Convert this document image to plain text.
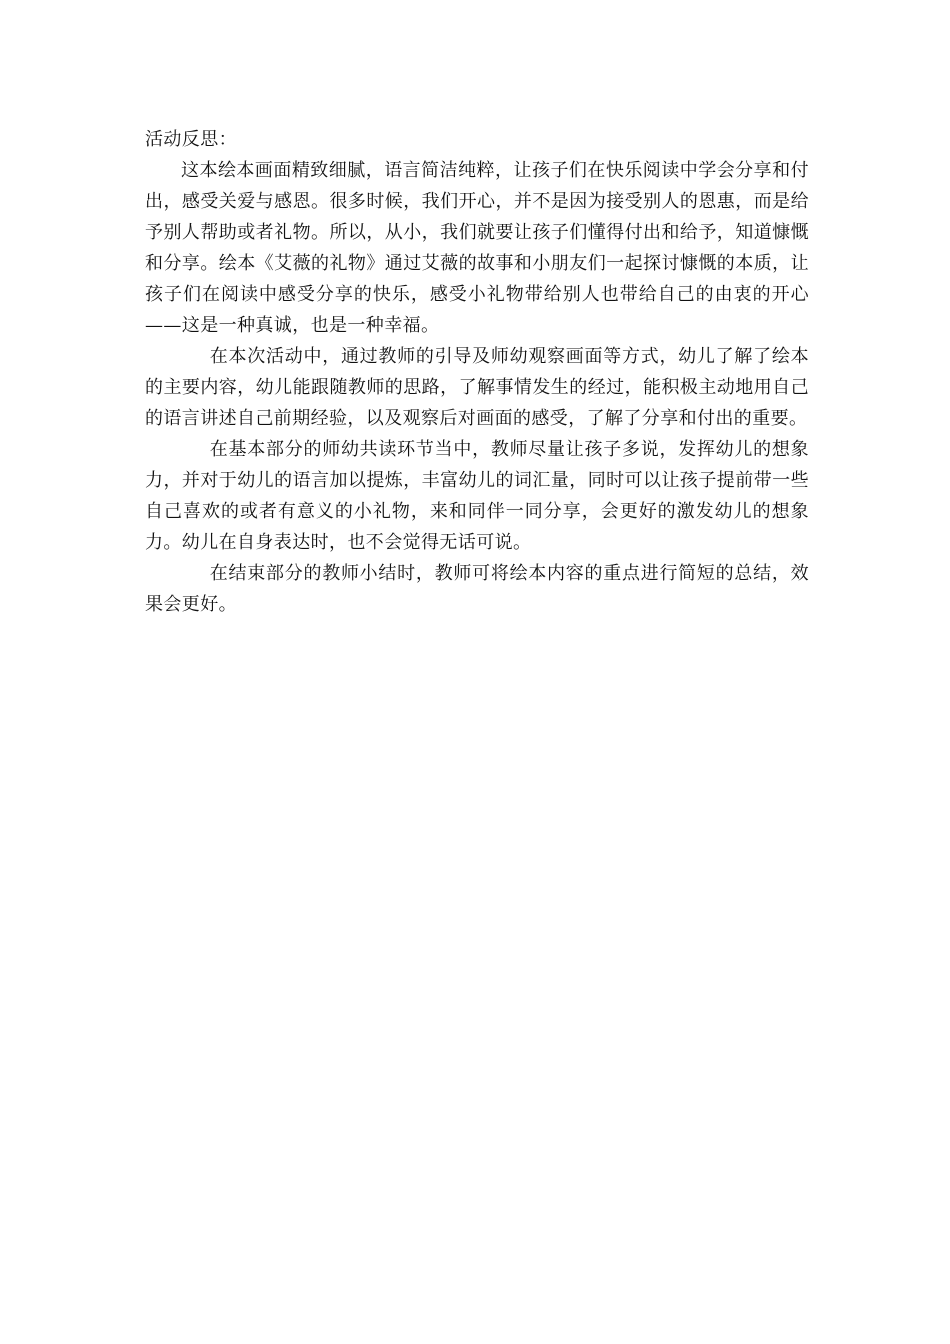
活动反思：

这本绘本画面精致细腻，语言简洁纯粹，让孩子们在快乐阅读中学会分享和付出，感受关爱与感恩。很多时候，我们开心，并不是因为接受别人的恩惠，而是给予别人帮助或者礼物。所以，从小，我们就要让孩子们懂得付出和给予，知道慷慨和分享。绘本《艾薇的礼物》通过艾薇的故事和小朋友们一起探讨慷慨的本质，让孩子们在阅读中感受分享的快乐，感受小礼物带给别人也带给自己的由衷的开心——这是一种真诚，也是一种幸福。

在本次活动中，通过教师的引导及师幼观察画面等方式，幼儿了解了绘本的主要内容，幼儿能跟随教师的思路，了解事情发生的经过，能积极主动地用自己的语言讲述自己前期经验，以及观察后对画面的感受，了解了分享和付出的重要。

在基本部分的师幼共读环节当中，教师尽量让孩子多说，发挥幼儿的想象力，并对于幼儿的语言加以提炼，丰富幼儿的词汇量，同时可以让孩子提前带一些自己喜欢的或者有意义的小礼物，来和同伴一同分享，会更好的激发幼儿的想象力。幼儿在自身表达时，也不会觉得无话可说。

在结束部分的教师小结时，教师可将绘本内容的重点进行简短的总结，效果会更好。
